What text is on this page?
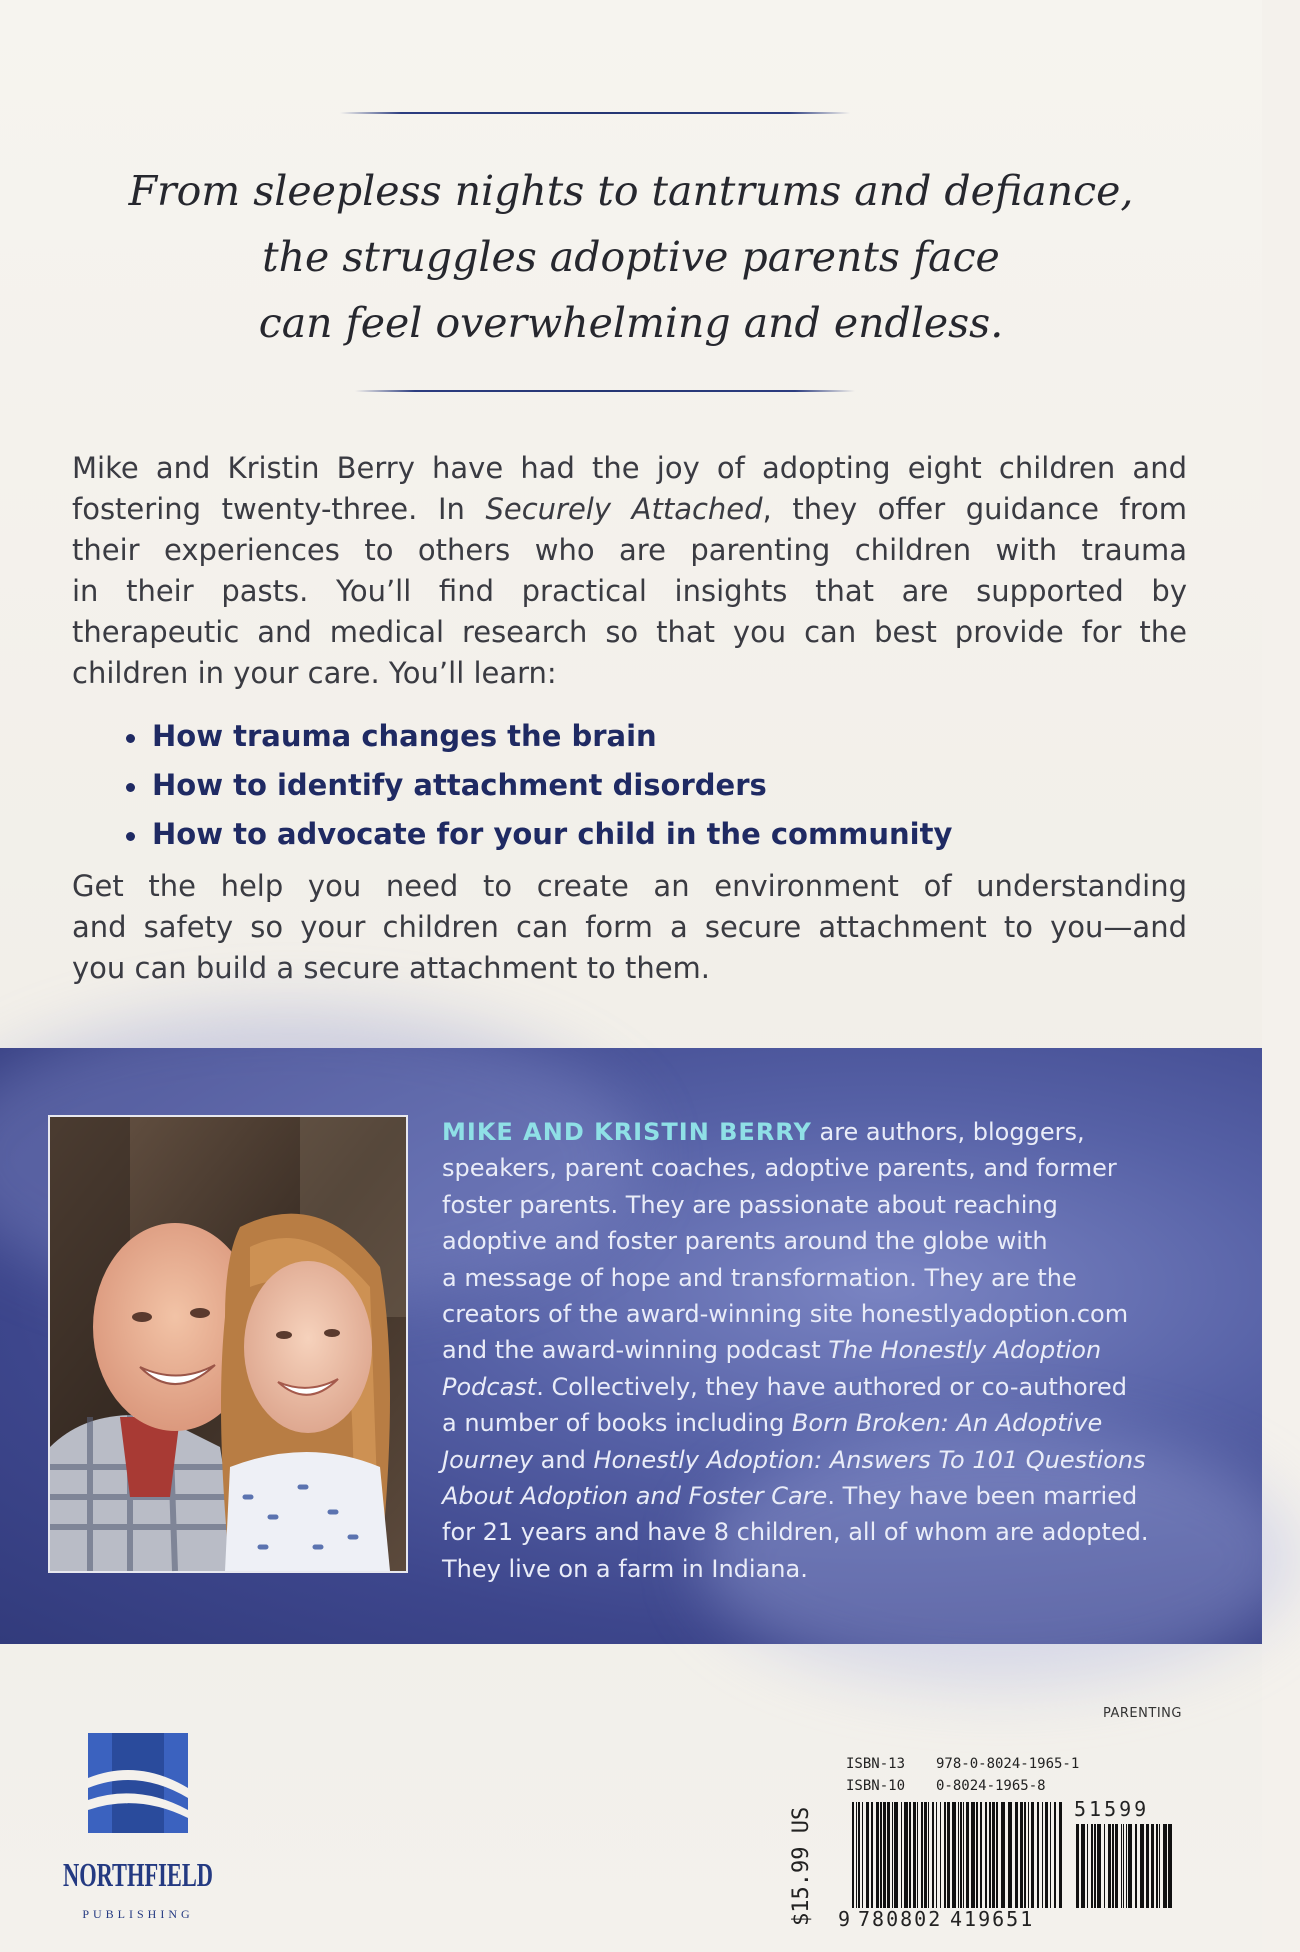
From sleepless nights to tantrums and defiance,
the struggles adoptive parents face
can feel overwhelming and endless.
Mike and Kristin Berry have had the joy of adopting eight children and
fostering twenty-three. In Securely Attached, they offer guidance from
their experiences to others who are parenting children with trauma
in their pasts. You’ll find practical insights that are supported by
therapeutic and medical research so that you can best provide for the
children in your care. You’ll learn:
How trauma changes the brain
How to identify attachment disorders
How to advocate for your child in the community
Get the help you need to create an environment of understanding
and safety so your children can form a secure attachment to you—and
you can build a secure attachment to them.
MIKE AND KRISTIN BERRY are authors, bloggers,
speakers, parent coaches, adoptive parents, and former
foster parents. They are passionate about reaching
adoptive and foster parents around the globe with
a message of hope and transformation. They are the
creators of the award-winning site honestlyadoption.com
and the award-winning podcast The Honestly Adoption
Podcast. Collectively, they have authored or co-authored
a number of books including Born Broken: An Adoptive
Journey and Honestly Adoption: Answers To 101 Questions
About Adoption and Foster Care. They have been married
for 21 years and have 8 children, all of whom are adopted.
They live on a farm in Indiana.
NORTHFIELD
PUBLISHING
PARENTING
$15.99 US
ISBN-13 978-0-8024-1965-1
ISBN-10 0-8024-1965-8
51599
9 780802 419651
